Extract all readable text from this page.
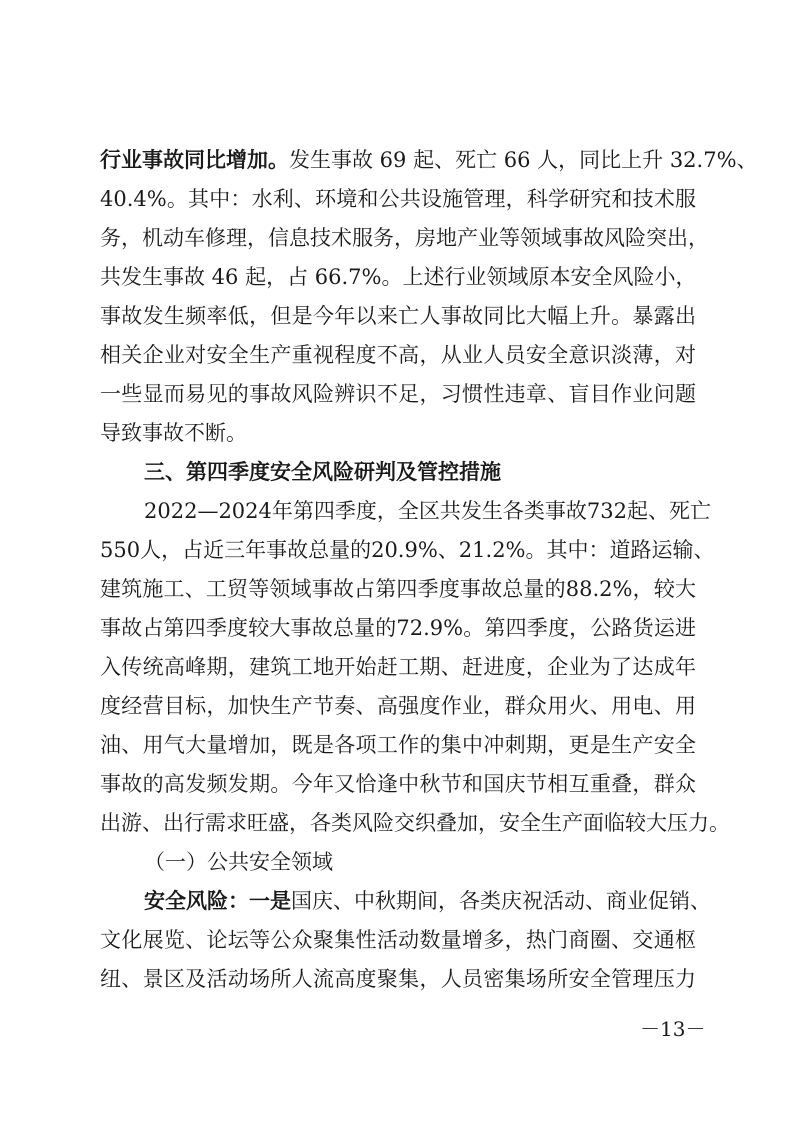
行业事故同比增加。发生事故 69 起、死亡 66 人，同比上升 32.7%、
40.4%。其中：水利、环境和公共设施管理，科学研究和技术服
务，机动车修理，信息技术服务，房地产业等领域事故风险突出，
共发生事故 46 起，占 66.7%。上述行业领域原本安全风险小，
事故发生频率低，但是今年以来亡人事故同比大幅上升。暴露出
相关企业对安全生产重视程度不高，从业人员安全意识淡薄，对
一些显而易见的事故风险辨识不足，习惯性违章、盲目作业问题
导致事故不断。
三、第四季度安全风险研判及管控措施
2022—2024年第四季度，全区共发生各类事故732起、死亡
550人，占近三年事故总量的20.9%、21.2%。其中：道路运输、
建筑施工、工贸等领域事故占第四季度事故总量的88.2%，较大
事故占第四季度较大事故总量的72.9%。第四季度，公路货运进
入传统高峰期，建筑工地开始赶工期、赶进度，企业为了达成年
度经营目标，加快生产节奏、高强度作业，群众用火、用电、用
油、用气大量增加，既是各项工作的集中冲刺期，更是生产安全
事故的高发频发期。今年又恰逢中秋节和国庆节相互重叠，群众
出游、出行需求旺盛，各类风险交织叠加，安全生产面临较大压力。
（一）公共安全领域
安全风险：一是国庆、中秋期间，各类庆祝活动、商业促销、
文化展览、论坛等公众聚集性活动数量增多，热门商圈、交通枢
纽、景区及活动场所人流高度聚集，人员密集场所安全管理压力
－13－
